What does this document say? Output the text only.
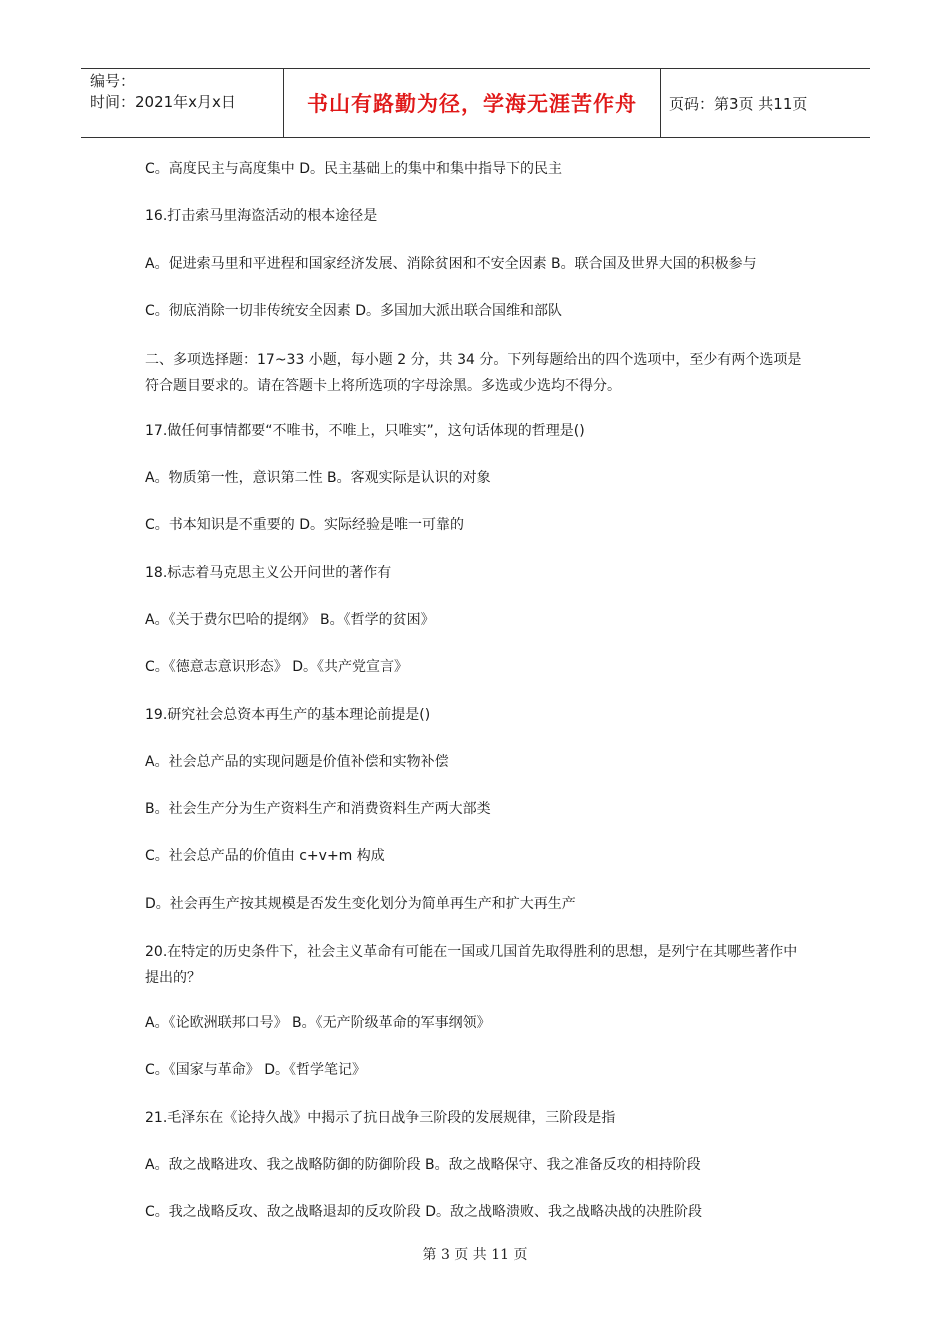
编号：
时间：2021年x月x日	书山有路勤为径，学海无涯苦作舟	页码：第3页 共11页
C。高度民主与高度集中 D。民主基础上的集中和集中指导下的民主
16.打击索马里海盗活动的根本途径是
A。促进索马里和平进程和国家经济发展、消除贫困和不安全因素 B。联合国及世界大国的积极参与
C。彻底消除一切非传统安全因素 D。多国加大派出联合国维和部队
二、多项选择题：17~33 小题，每小题 2 分，共 34 分。下列每题给出的四个选项中，至少有两个选项是符合题目要求的。请在答题卡上将所选项的字母涂黑。多选或少选均不得分。
17.做任何事情都要“不唯书，不唯上，只唯实”，这句话体现的哲理是()
A。物质第一性，意识第二性 B。客观实际是认识的对象
C。书本知识是不重要的 D。实际经验是唯一可靠的
18.标志着马克思主义公开问世的著作有
A。《关于费尔巴哈的提纲》 B。《哲学的贫困》
C。《德意志意识形态》 D。《共产党宣言》
19.研究社会总资本再生产的基本理论前提是()
A。社会总产品的实现问题是价值补偿和实物补偿
B。社会生产分为生产资料生产和消费资料生产两大部类
C。社会总产品的价值由 c+v+m 构成
D。社会再生产按其规模是否发生变化划分为简单再生产和扩大再生产
20.在特定的历史条件下，社会主义革命有可能在一国或几国首先取得胜利的思想，是列宁在其哪些著作中提出的？
A。《论欧洲联邦口号》 B。《无产阶级革命的军事纲领》
C。《国家与革命》 D。《哲学笔记》
21.毛泽东在《论持久战》中揭示了抗日战争三阶段的发展规律，三阶段是指
A。敌之战略进攻、我之战略防御的防御阶段 B。敌之战略保守、我之准备反攻的相持阶段
C。我之战略反攻、敌之战略退却的反攻阶段 D。敌之战略溃败、我之战略决战的决胜阶段
第 3 页 共 11 页
